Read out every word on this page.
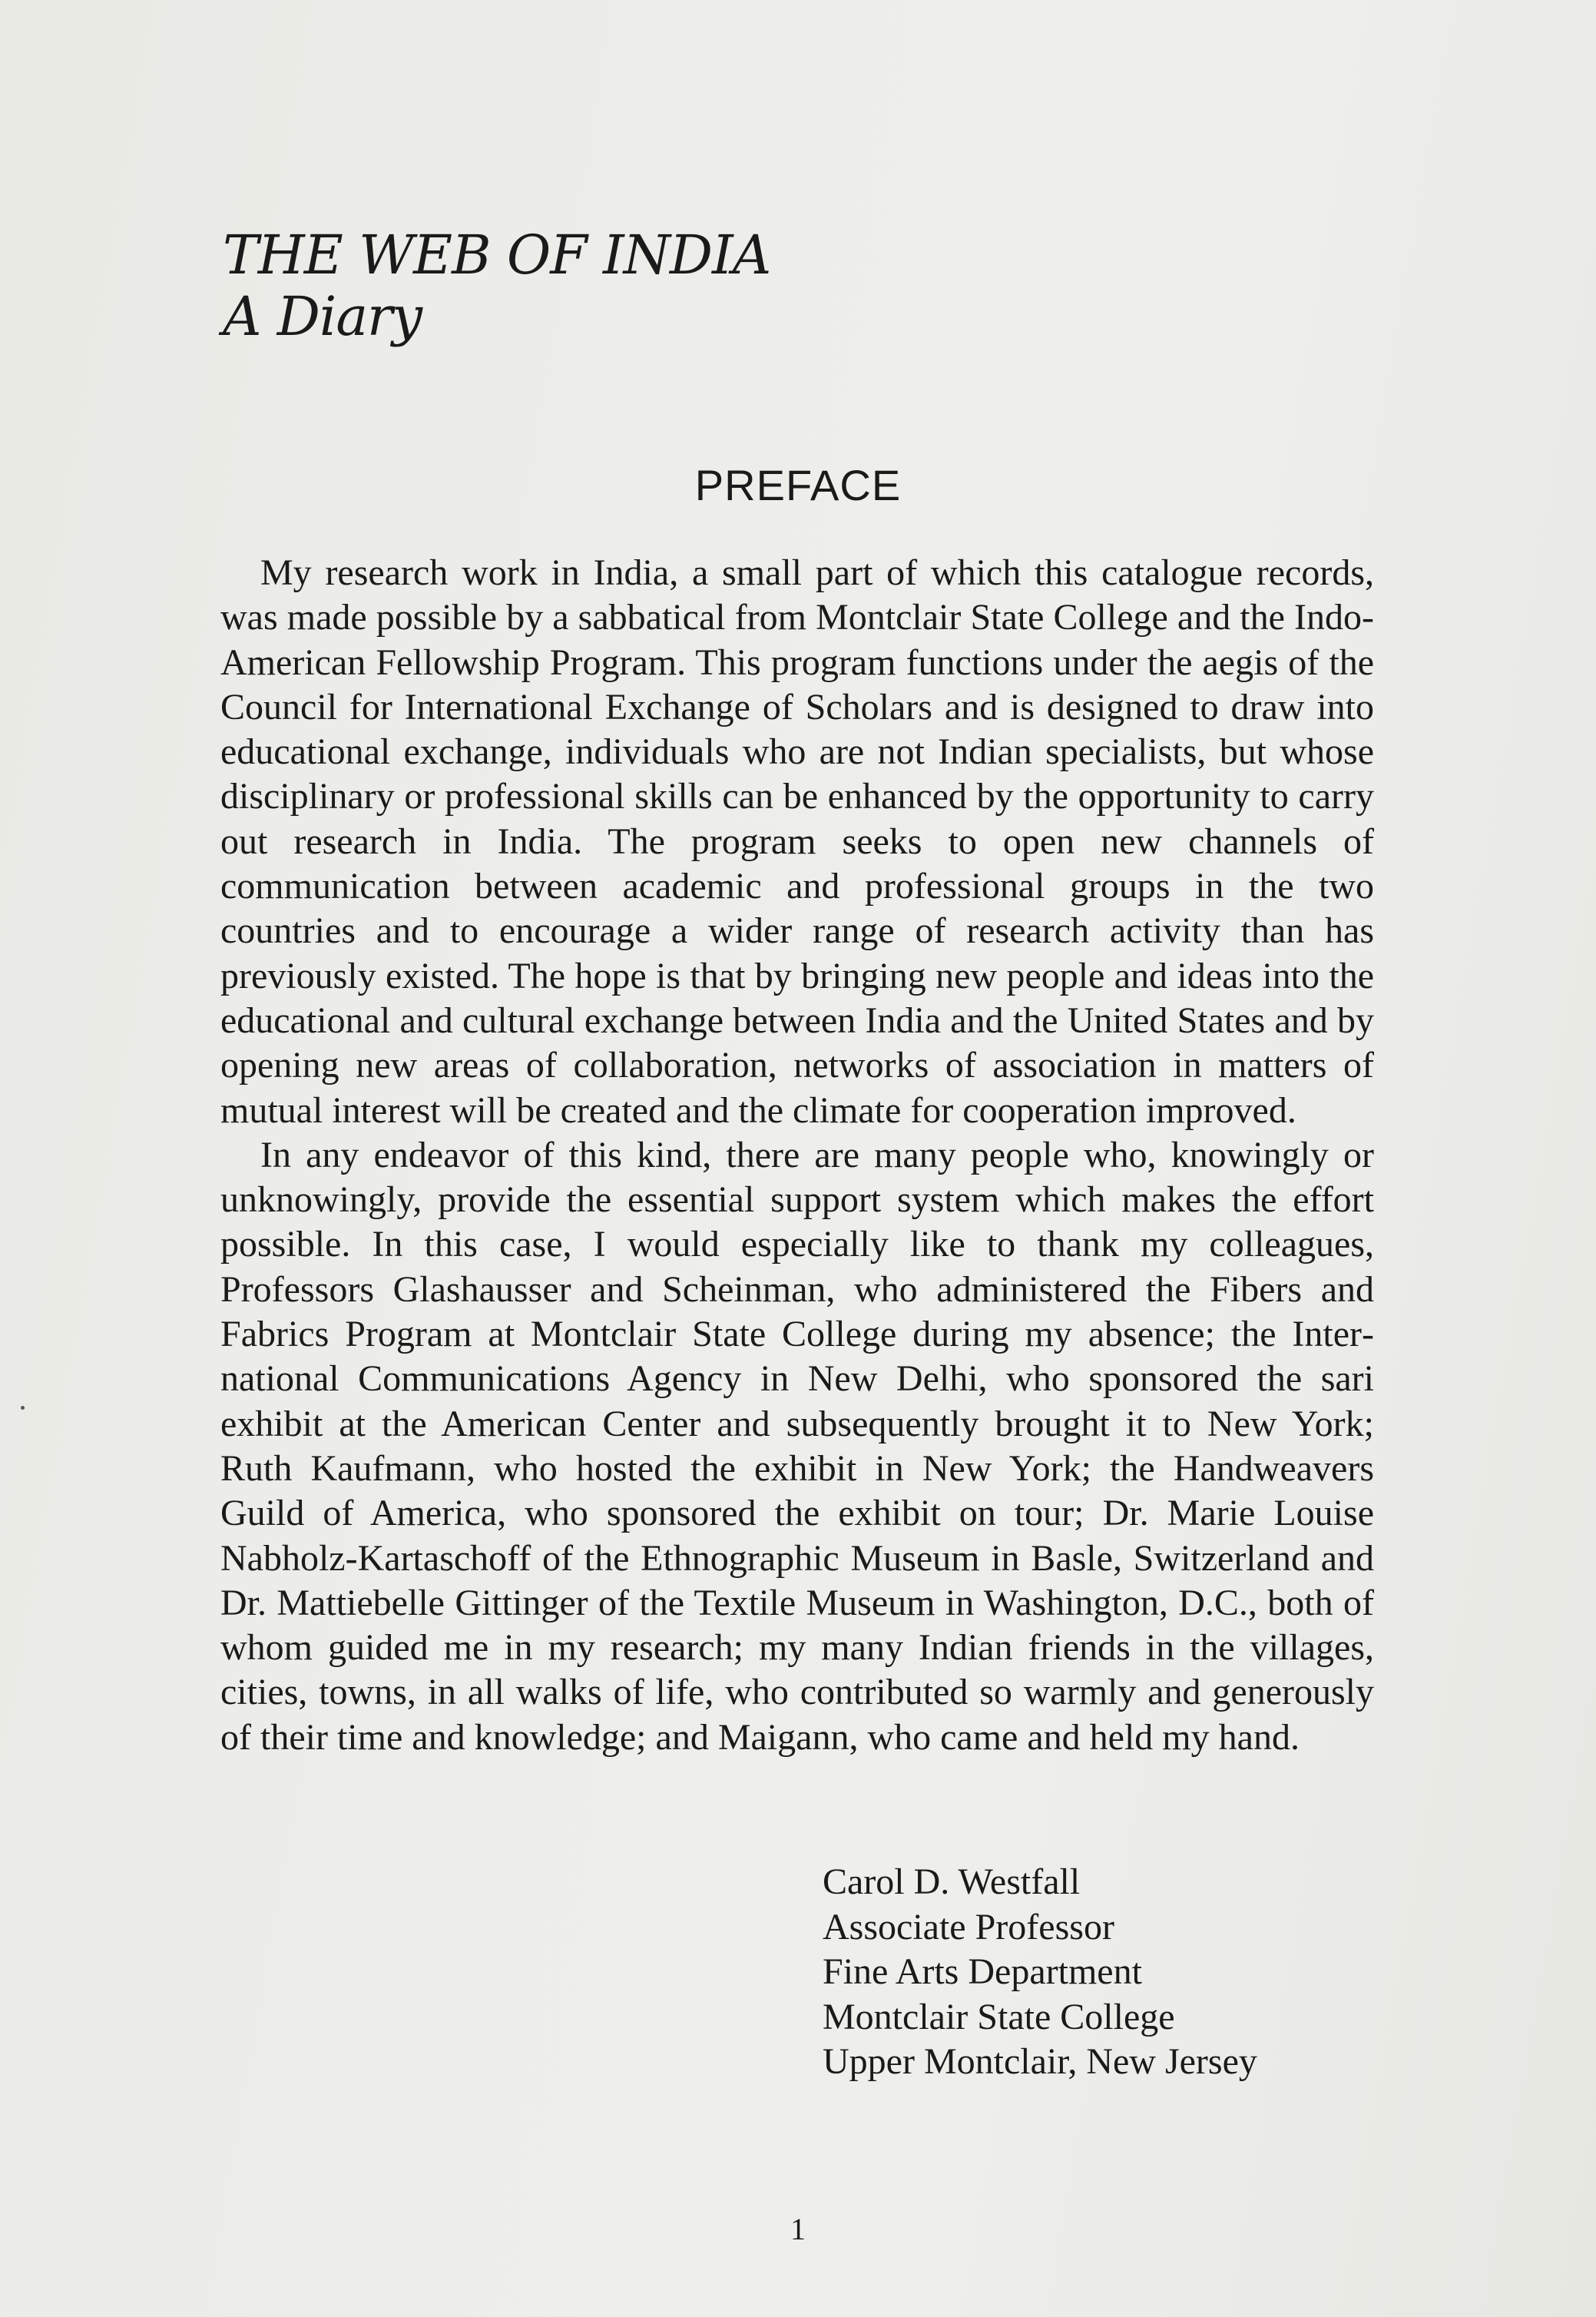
THE WEB OF INDIA
A Diary
PREFACE

My research work in India, a small part of which this catalogue records, was made possible by a sabbatical from Montclair State College and the Indo-American Fellowship Program. This program functions under the aegis of the Council for International Exchange of Scholars and is designed to draw into educational exchange, individuals who are not Indian specialists, but whose disciplinary or professional skills can be enhanced by the opportunity to carry out research in India. The program seeks to open new channels of communication between academic and professional groups in the two countries and to encourage a wider range of research activity than has previously existed. The hope is that by bringing new people and ideas into the educational and cultural exchange between India and the United States and by opening new areas of collaboration, networks of association in matters of mutual interest will be created and the climate for cooperation improved.

In any endeavor of this kind, there are many people who, knowingly or unknowingly, provide the essential support system which makes the effort possible. In this case, I would especially like to thank my colleagues, Professors Glashausser and Scheinman, who administered the Fibers and Fabrics Program at Montclair State College during my absence; the International Communications Agency in New Delhi, who sponsored the sari exhibit at the American Center and subsequently brought it to New York; Ruth Kaufmann, who hosted the exhibit in New York; the Handweavers Guild of America, who sponsored the exhibit on tour; Dr. Marie Louise Nabholz-Kartaschoff of the Ethnographic Museum in Basle, Switzerland and Dr. Mattiebelle Gittinger of the Textile Museum in Washington, D.C., both of whom guided me in my research; my many Indian friends in the villages, cities, towns, in all walks of life, who contributed so warmly and generously of their time and knowledge; and Maigann, who came and held my hand.

Carol D. Westfall
Associate Professor
Fine Arts Department
Montclair State College
Upper Montclair, New Jersey
1
